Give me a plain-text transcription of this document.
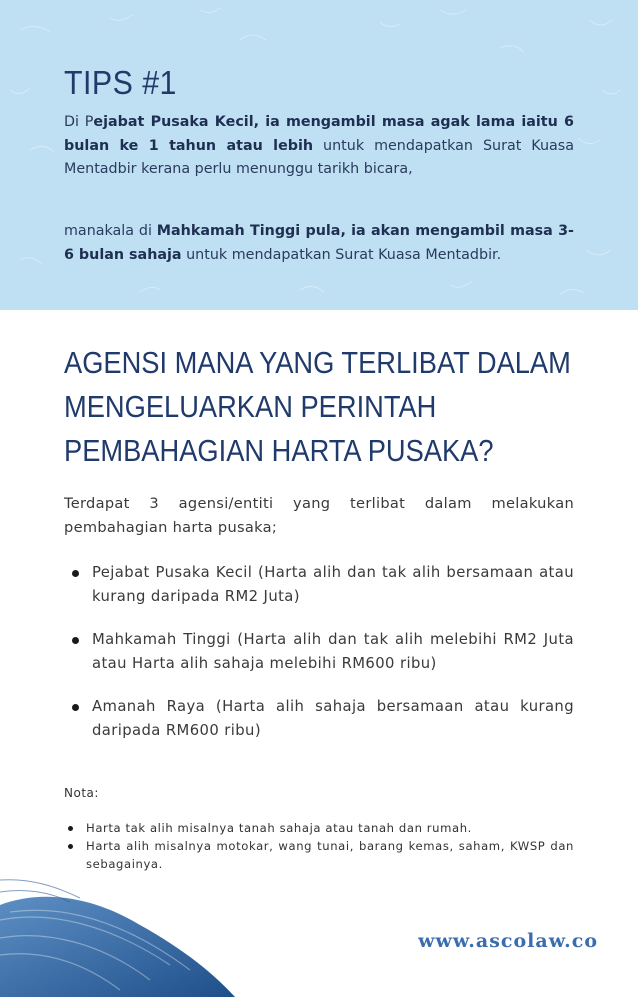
TIPS #1

Di Pejabat Pusaka Kecil, ia mengambil masa agak lama iaitu 6 bulan ke 1 tahun atau lebih untuk mendapatkan Surat Kuasa Mentadbir kerana perlu menunggu tarikh bicara,

manakala di Mahkamah Tinggi pula, ia akan mengambil masa 3-6 bulan sahaja untuk mendapatkan Surat Kuasa Mentadbir.

AGENSI MANA YANG TERLIBAT DALAM
MENGELUARKAN PERINTAH
PEMBAHAGIAN HARTA PUSAKA?

Terdapat 3 agensi/entiti yang terlibat dalam melakukan pembahagian harta pusaka;

Pejabat Pusaka Kecil (Harta alih dan tak alih bersamaan atau kurang daripada RM2 Juta)
Mahkamah Tinggi (Harta alih dan tak alih melebihi RM2 Juta atau Harta alih sahaja melebihi RM600 ribu)
Amanah Raya (Harta alih sahaja bersamaan atau kurang daripada RM600 ribu)

Nota:

Harta tak alih misalnya tanah sahaja atau tanah dan rumah.
Harta alih misalnya motokar, wang tunai, barang kemas, saham, KWSP dan sebagainya.

www.ascolaw.co
